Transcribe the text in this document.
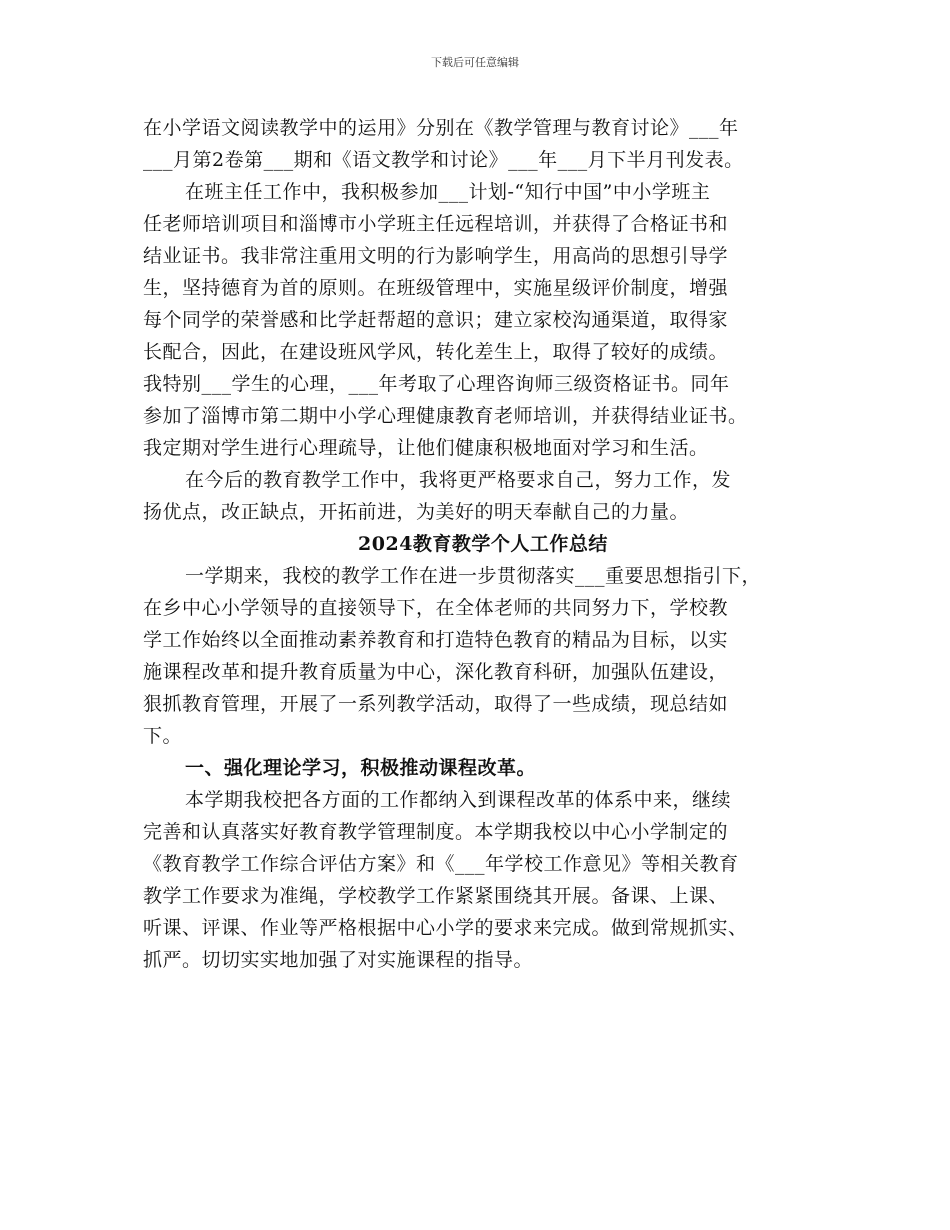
下载后可任意编辑
在小学语文阅读教学中的运用》分别在《教学管理与教育讨论》___年
___月第2卷第___期和《语文教学和讨论》___年___月下半月刊发表。
在班主任工作中，我积极参加___计划-“知行中国”中小学班主
任老师培训项目和淄博市小学班主任远程培训，并获得了合格证书和
结业证书。我非常注重用文明的行为影响学生，用高尚的思想引导学
生，坚持德育为首的原则。在班级管理中，实施星级评价制度，增强
每个同学的荣誉感和比学赶帮超的意识；建立家校沟通渠道，取得家
长配合，因此，在建设班风学风，转化差生上，取得了较好的成绩。
我特别___学生的心理，___年考取了心理咨询师三级资格证书。同年
参加了淄博市第二期中小学心理健康教育老师培训，并获得结业证书。
我定期对学生进行心理疏导，让他们健康积极地面对学习和生活。
在今后的教育教学工作中，我将更严格要求自己，努力工作，发
扬优点，改正缺点，开拓前进，为美好的明天奉献自己的力量。
2024教育教学个人工作总结
一学期来，我校的教学工作在进一步贯彻落实___重要思想指引下，
在乡中心小学领导的直接领导下，在全体老师的共同努力下，学校教
学工作始终以全面推动素养教育和打造特色教育的精品为目标，以实
施课程改革和提升教育质量为中心，深化教育科研，加强队伍建设，
狠抓教育管理，开展了一系列教学活动，取得了一些成绩，现总结如
下。
一、强化理论学习，积极推动课程改革。
本学期我校把各方面的工作都纳入到课程改革的体系中来，继续
完善和认真落实好教育教学管理制度。本学期我校以中心小学制定的
《教育教学工作综合评估方案》和《___年学校工作意见》等相关教育
教学工作要求为准绳，学校教学工作紧紧围绕其开展。备课、上课、
听课、评课、作业等严格根据中心小学的要求来完成。做到常规抓实、
抓严。切切实实地加强了对实施课程的指导。
